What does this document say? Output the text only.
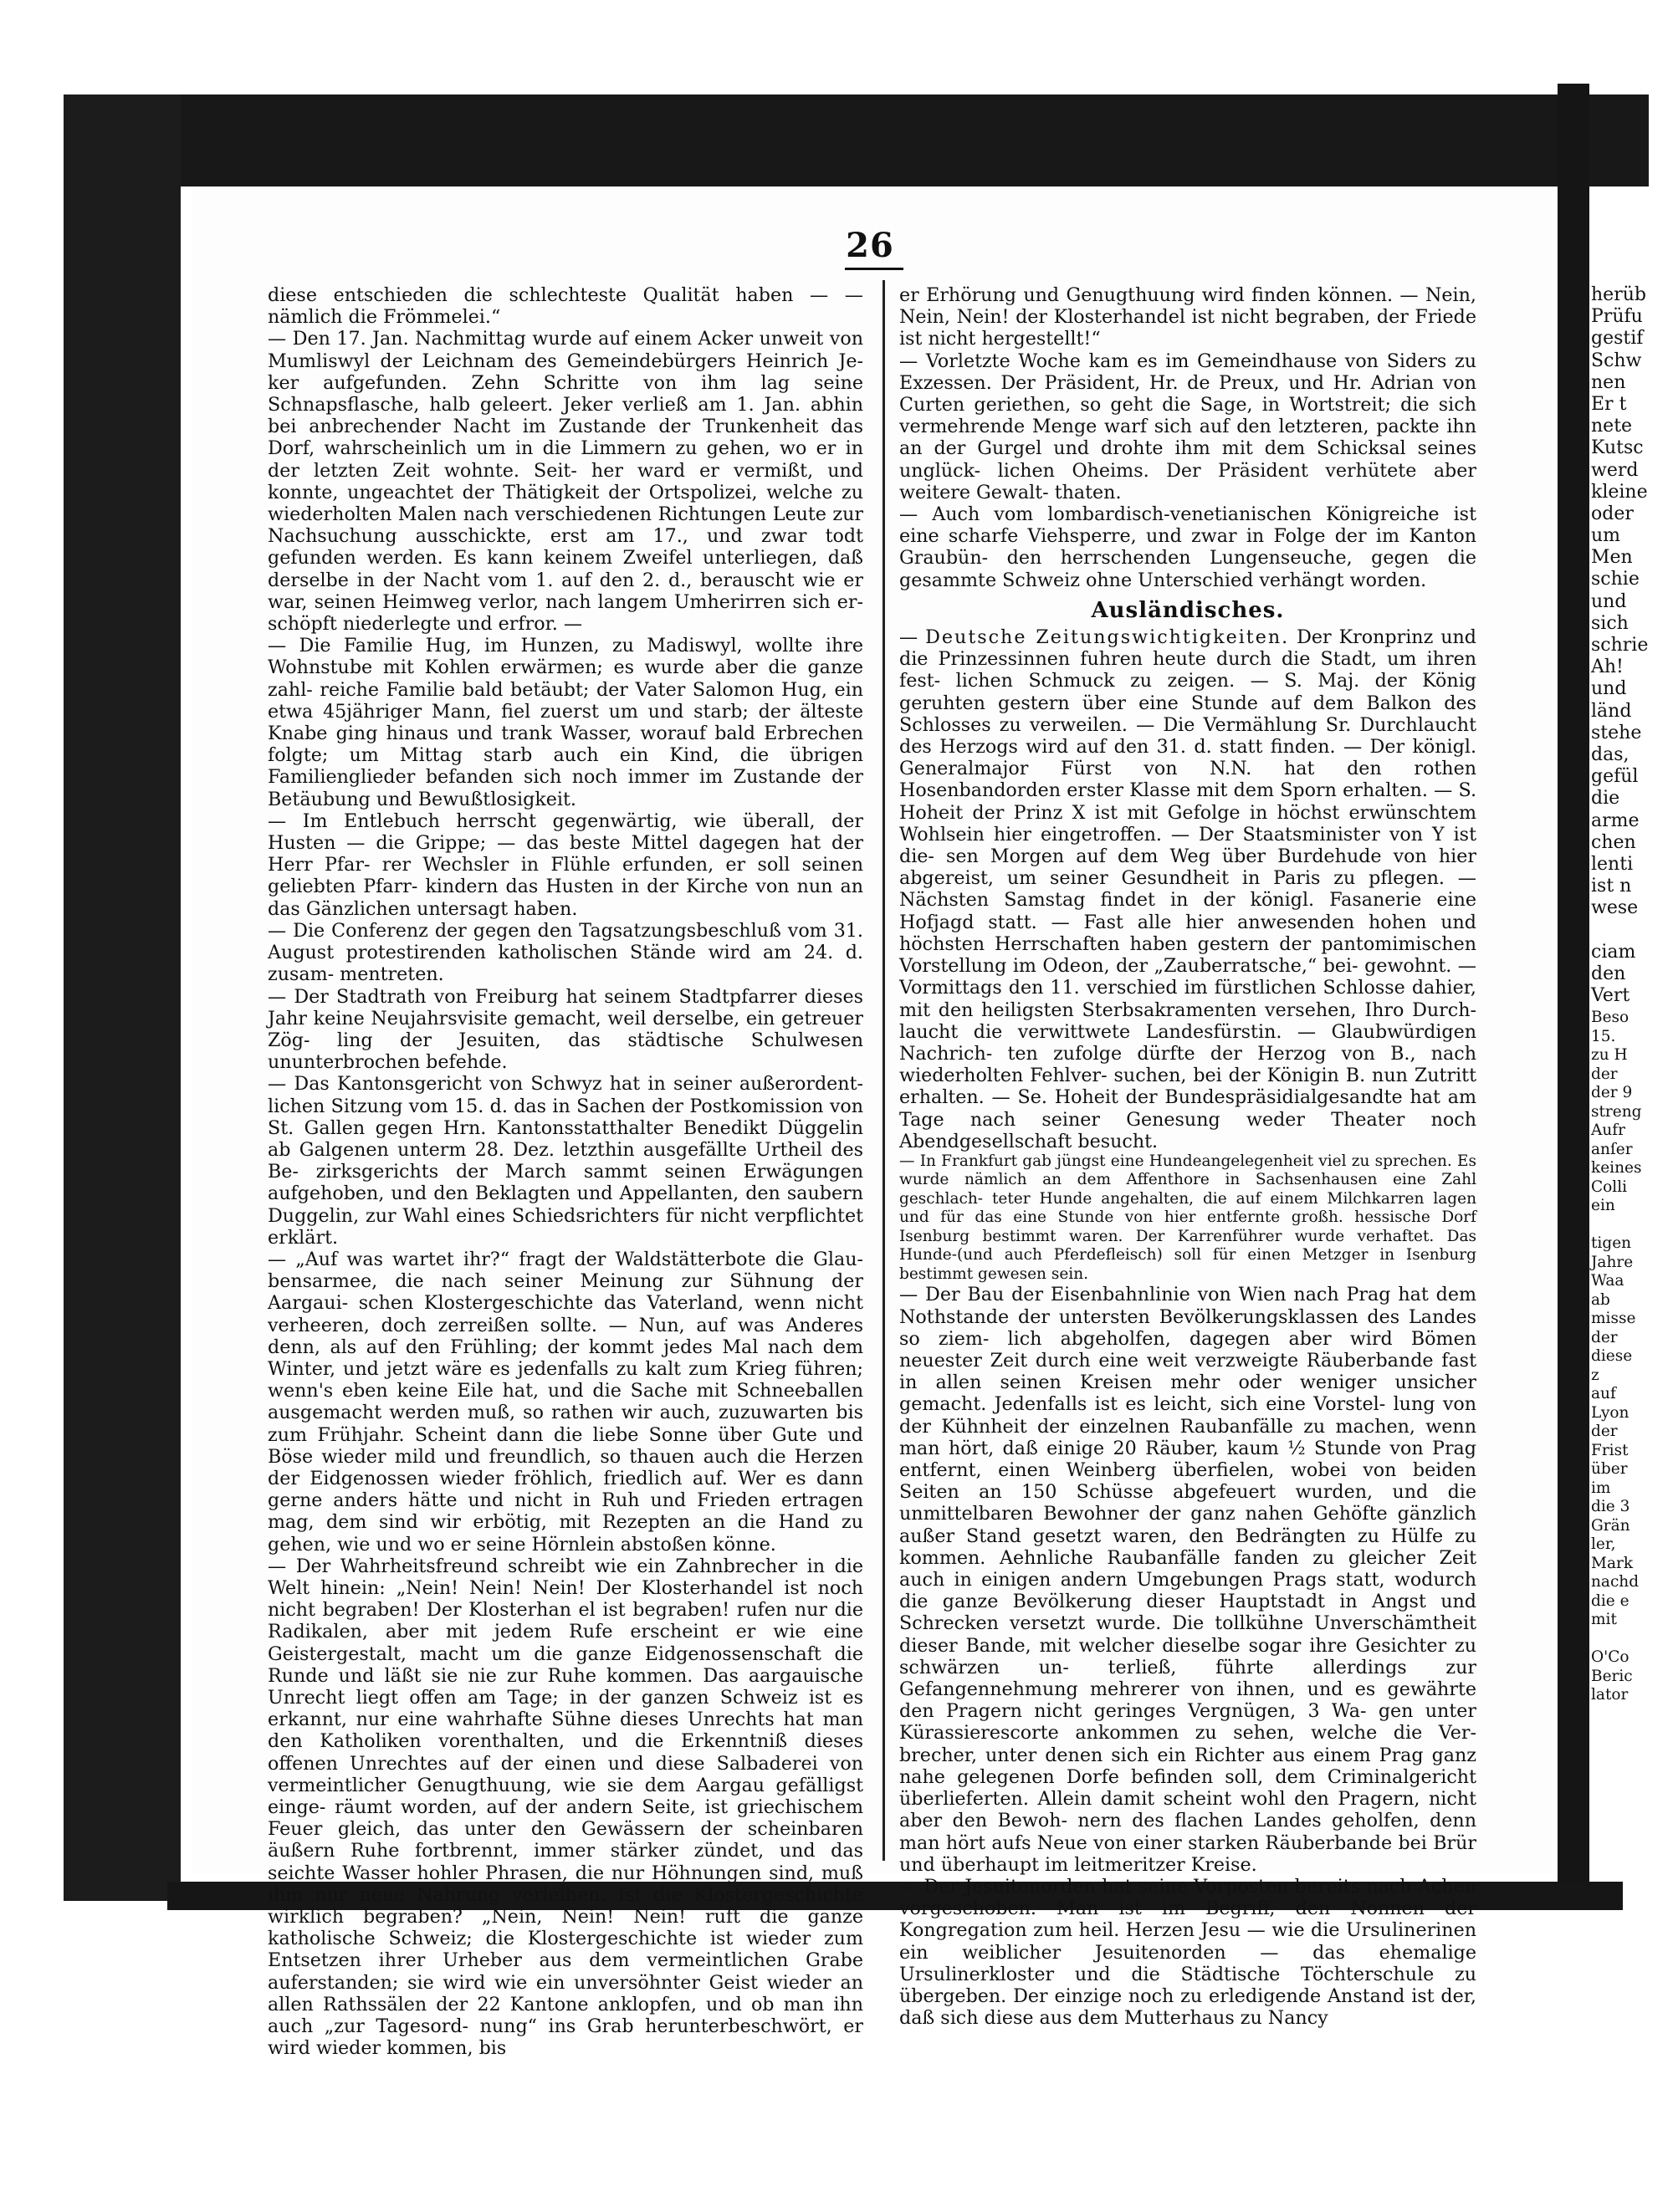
26

diese entschieden die schlechteste Qualität haben — — nämlich die Frömmelei.“

— Den 17. Jan. Nachmittag wurde auf einem Acker unweit von Mumliswyl der Leichnam des Gemeindebürgers Heinrich Je- ker aufgefunden. Zehn Schritte von ihm lag seine Schnapsflasche, halb geleert. Jeker verließ am 1. Jan. abhin bei anbrechender Nacht im Zustande der Trunkenheit das Dorf, wahrscheinlich um in die Limmern zu gehen, wo er in der letzten Zeit wohnte. Seit- her ward er vermißt, und konnte, ungeachtet der Thätigkeit der Ortspolizei, welche zu wiederholten Malen nach verschiedenen Richtungen Leute zur Nachsuchung ausschickte, erst am 17., und zwar todt gefunden werden. Es kann keinem Zweifel unterliegen, daß derselbe in der Nacht vom 1. auf den 2. d., berauscht wie er war, seinen Heimweg verlor, nach langem Umherirren sich er- schöpft niederlegte und erfror. —

— Die Familie Hug, im Hunzen, zu Madiswyl, wollte ihre Wohnstube mit Kohlen erwärmen; es wurde aber die ganze zahl- reiche Familie bald betäubt; der Vater Salomon Hug, ein etwa 45jähriger Mann, fiel zuerst um und starb; der älteste Knabe ging hinaus und trank Wasser, worauf bald Erbrechen folgte; um Mittag starb auch ein Kind, die übrigen Familienglieder befanden sich noch immer im Zustande der Betäubung und Bewußtlosigkeit.

— Im Entlebuch herrscht gegenwärtig, wie überall, der Husten — die Grippe; — das beste Mittel dagegen hat der Herr Pfar- rer Wechsler in Flühle erfunden, er soll seinen geliebten Pfarr- kindern das Husten in der Kirche von nun an das Gänzlichen untersagt haben.

— Die Conferenz der gegen den Tagsatzungsbeschluß vom 31. August protestirenden katholischen Stände wird am 24. d. zusam- mentreten.

— Der Stadtrath von Freiburg hat seinem Stadtpfarrer dieses Jahr keine Neujahrsvisite gemacht, weil derselbe, ein getreuer Zög- ling der Jesuiten, das städtische Schulwesen ununterbrochen befehde.

— Das Kantonsgericht von Schwyz hat in seiner außerordent- lichen Sitzung vom 15. d. das in Sachen der Postkomission von St. Gallen gegen Hrn. Kantonsstatthalter Benedikt Düggelin ab Galgenen unterm 28. Dez. letzthin ausgefällte Urtheil des Be- zirksgerichts der March sammt seinen Erwägungen aufgehoben, und den Beklagten und Appellanten, den saubern Duggelin, zur Wahl eines Schiedsrichters für nicht verpflichtet erklärt.

— „Auf was wartet ihr?“ fragt der Waldstätterbote die Glau- bensarmee, die nach seiner Meinung zur Sühnung der Aargaui- schen Klostergeschichte das Vaterland, wenn nicht verheeren, doch zerreißen sollte. — Nun, auf was Anderes denn, als auf den Frühling; der kommt jedes Mal nach dem Winter, und jetzt wäre es jedenfalls zu kalt zum Krieg führen; wenn's eben keine Eile hat, und die Sache mit Schneeballen ausgemacht werden muß, so rathen wir auch, zuzuwarten bis zum Frühjahr. Scheint dann die liebe Sonne über Gute und Böse wieder mild und freundlich, so thauen auch die Herzen der Eidgenossen wieder fröhlich, friedlich auf. Wer es dann gerne anders hätte und nicht in Ruh und Frieden ertragen mag, dem sind wir erbötig, mit Rezepten an die Hand zu gehen, wie und wo er seine Hörnlein abstoßen könne.

— Der Wahrheitsfreund schreibt wie ein Zahnbrecher in die Welt hinein: „Nein! Nein! Nein! Der Klosterhandel ist noch nicht begraben! Der Klosterhan el ist begraben! rufen nur die Radikalen, aber mit jedem Rufe erscheint er wie eine Geistergestalt, macht um die ganze Eidgenossenschaft die Runde und läßt sie nie zur Ruhe kommen. Das aargauische Unrecht liegt offen am Tage; in der ganzen Schweiz ist es erkannt, nur eine wahrhafte Sühne dieses Unrechts hat man den Katholiken vorenthalten, und die Erkenntniß dieses offenen Unrechtes auf der einen und diese Salbaderei von vermeintlicher Genugthuung, wie sie dem Aargau gefälligst einge- räumt worden, auf der andern Seite, ist griechischem Feuer gleich, das unter den Gewässern der scheinbaren äußern Ruhe fortbrennt, immer stärker zündet, und das seichte Wasser hohler Phrasen, die nur Höhnungen sind, muß ihm nur neue Nahrung verleihen. Ist die Klostergeschichte wirklich begraben? „Nein, Nein! Nein! ruft die ganze katholische Schweiz; die Klostergeschichte ist wieder zum Entsetzen ihrer Urheber aus dem vermeintlichen Grabe auferstanden; sie wird wie ein unversöhnter Geist wieder an allen Rathssälen der 22 Kantone anklopfen, und ob man ihn auch „zur Tagesord- nung“ ins Grab herunterbeschwört, er wird wieder kommen, bis

er Erhörung und Genugthuung wird finden können. — Nein, Nein, Nein! der Klosterhandel ist nicht begraben, der Friede ist nicht hergestellt!“

— Vorletzte Woche kam es im Gemeindhause von Siders zu Exzessen. Der Präsident, Hr. de Preux, und Hr. Adrian von Curten geriethen, so geht die Sage, in Wortstreit; die sich vermehrende Menge warf sich auf den letzteren, packte ihn an der Gurgel und drohte ihm mit dem Schicksal seines unglück- lichen Oheims. Der Präsident verhütete aber weitere Gewalt- thaten.

— Auch vom lombardisch-venetianischen Königreiche ist eine scharfe Viehsperre, und zwar in Folge der im Kanton Graubün- den herrschenden Lungenseuche, gegen die gesammte Schweiz ohne Unterschied verhängt worden.

Ausländisches.

— Deutsche Zeitungswichtigkeiten. Der Kronprinz und die Prinzessinnen fuhren heute durch die Stadt, um ihren fest- lichen Schmuck zu zeigen. — S. Maj. der König geruhten gestern über eine Stunde auf dem Balkon des Schlosses zu verweilen. — Die Vermählung Sr. Durchlaucht des Herzogs wird auf den 31. d. statt finden. — Der königl. Generalmajor Fürst von N.N. hat den rothen Hosenbandorden erster Klasse mit dem Sporn erhalten. — S. Hoheit der Prinz X ist mit Gefolge in höchst erwünschtem Wohlsein hier eingetroffen. — Der Staatsminister von Y ist die- sen Morgen auf dem Weg über Burdehude von hier abgereist, um seiner Gesundheit in Paris zu pflegen. — Nächsten Samstag findet in der königl. Fasanerie eine Hofjagd statt. — Fast alle hier anwesenden hohen und höchsten Herrschaften haben gestern der pantomimischen Vorstellung im Odeon, der „Zauberratsche,“ bei- gewohnt. — Vormittags den 11. verschied im fürstlichen Schlosse dahier, mit den heiligsten Sterbsakramenten versehen, Ihro Durch- laucht die verwittwete Landesfürstin. — Glaubwürdigen Nachrich- ten zufolge dürfte der Herzog von B., nach wiederholten Fehlver- suchen, bei der Königin B. nun Zutritt erhalten. — Se. Hoheit der Bundespräsidialgesandte hat am Tage nach seiner Genesung weder Theater noch Abendgesellschaft besucht.

— In Frankfurt gab jüngst eine Hundeangelegenheit viel zu sprechen. Es wurde nämlich an dem Affenthore in Sachsenhausen eine Zahl geschlach- teter Hunde angehalten, die auf einem Milchkarren lagen und für das eine Stunde von hier entfernte großh. hessische Dorf Isenburg bestimmt waren. Der Karrenführer wurde verhaftet. Das Hunde-(und auch Pferdefleisch) soll für einen Metzger in Isenburg bestimmt gewesen sein.

— Der Bau der Eisenbahnlinie von Wien nach Prag hat dem Nothstande der untersten Bevölkerungsklassen des Landes so ziem- lich abgeholfen, dagegen aber wird Bömen neuester Zeit durch eine weit verzweigte Räuberbande fast in allen seinen Kreisen mehr oder weniger unsicher gemacht. Jedenfalls ist es leicht, sich eine Vorstel- lung von der Kühnheit der einzelnen Raubanfälle zu machen, wenn man hört, daß einige 20 Räuber, kaum ½ Stunde von Prag entfernt, einen Weinberg überfielen, wobei von beiden Seiten an 150 Schüsse abgefeuert wurden, und die unmittelbaren Bewohner der ganz nahen Gehöfte gänzlich außer Stand gesetzt waren, den Bedrängten zu Hülfe zu kommen. Aehnliche Raubanfälle fanden zu gleicher Zeit auch in einigen andern Umgebungen Prags statt, wodurch die ganze Bevölkerung dieser Hauptstadt in Angst und Schrecken versetzt wurde. Die tollkühne Unverschämtheit dieser Bande, mit welcher dieselbe sogar ihre Gesichter zu schwärzen un- terließ, führte allerdings zur Gefangennehmung mehrerer von ihnen, und es gewährte den Pragern nicht geringes Vergnügen, 3 Wa- gen unter Kürassierescorte ankommen zu sehen, welche die Ver- brecher, unter denen sich ein Richter aus einem Prag ganz nahe gelegenen Dorfe befinden soll, dem Criminalgericht überlieferten. Allein damit scheint wohl den Pragern, nicht aber den Bewoh- nern des flachen Landes geholfen, denn man hört aufs Neue von einer starken Räuberbande bei Brür und überhaupt im leitmeritzer Kreise.

— Der Jesuitenorden hat seine Vorposten bereits nach Achen vorgeschoben. Man ist im Begriff, den Nonnen der Kongregation zum heil. Herzen Jesu — wie die Ursulinerinen ein weiblicher Jesuitenorden — das ehemalige Ursulinerkloster und die Städtische Töchterschule zu übergeben. Der einzige noch zu erledigende Anstand ist der, daß sich diese aus dem Mutterhaus zu Nancy

herüb
Prüfu
gestif
Schw
nen
Er t
nete
Kutsc
werd
kleine
oder
um
Men
schie
und
sich
schrie
Ah!
und
länd
stehe
das,
gefül
die
arme
chen
lenti
ist n
wese
ciam
den
Vert
Beso
15.
zu H
der
der 9
streng
Aufr
anſer
keines
Colli
ein
tigen
Jahre
Waa
ab
misse
der
diese
z
auf
Lyon
der
Frist
über
im
die 3
Grän
ler,
Mark
nachd
die e
mit
O'Co
Beric
lator
